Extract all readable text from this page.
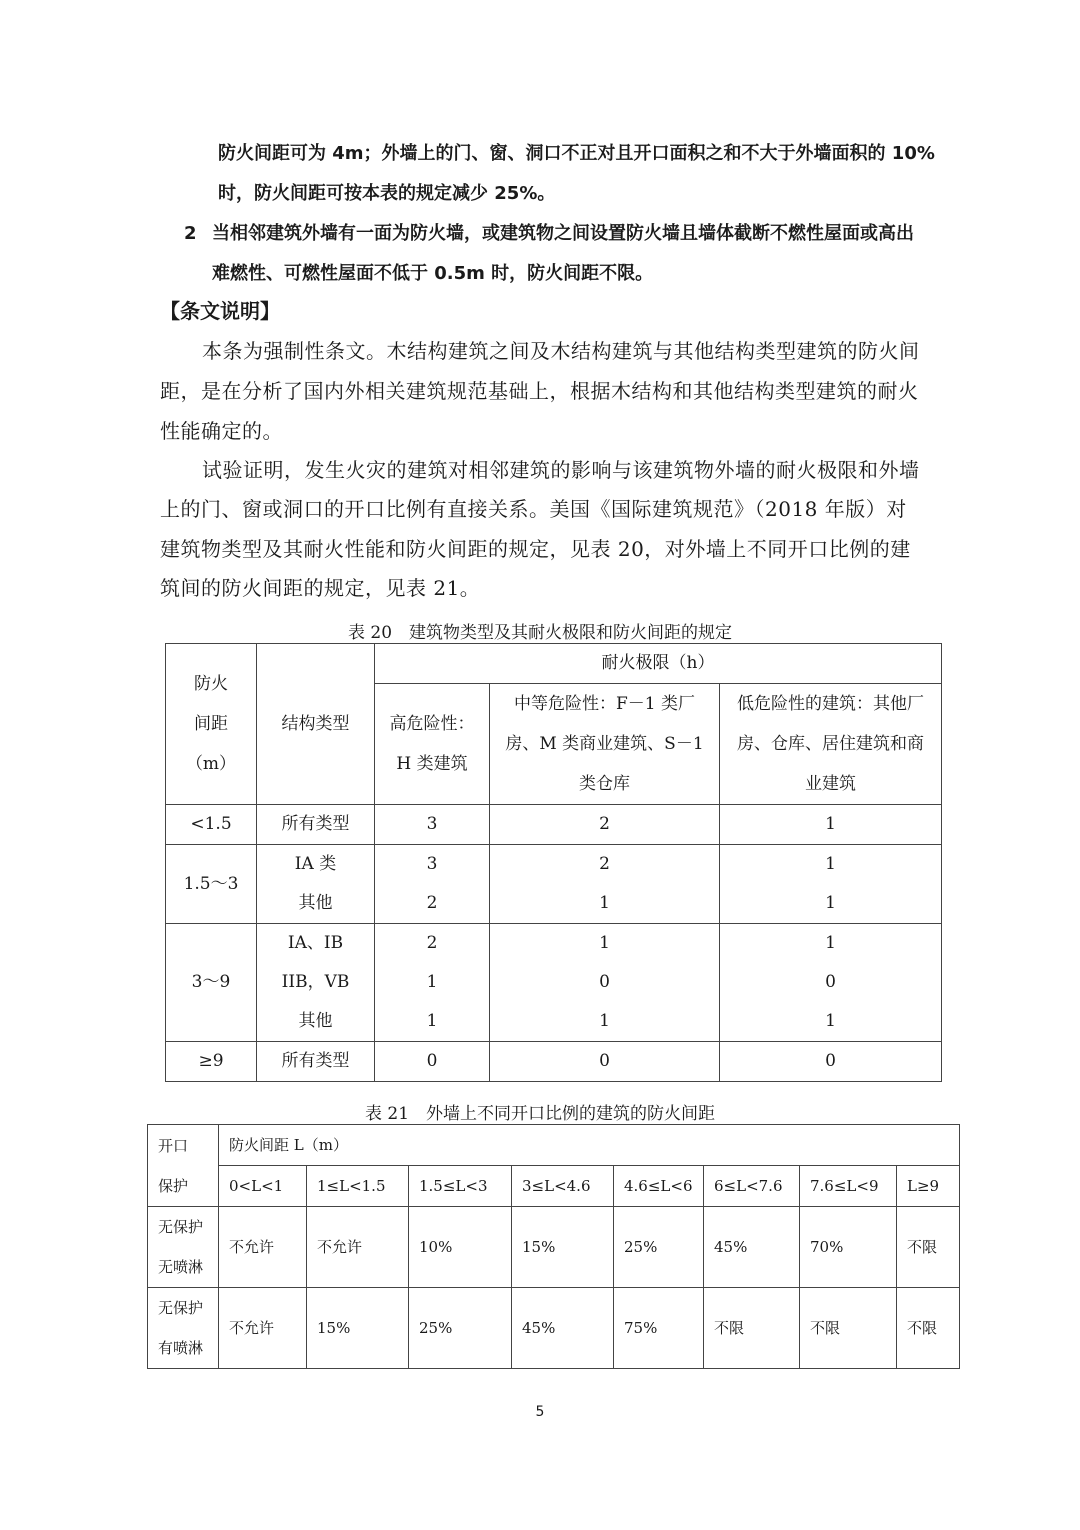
防火间距可为 4m；外墙上的门、窗、洞口不正对且开口面积之和不大于外墙面积的 10%
时，防火间距可按本表的规定减少 25%。
2 当相邻建筑外墙有一面为防火墙，或建筑物之间设置防火墙且墙体截断不燃性屋面或高出
难燃性、可燃性屋面不低于 0.5m 时，防火间距不限。
【条文说明】
本条为强制性条文。木结构建筑之间及木结构建筑与其他结构类型建筑的防火间
距，是在分析了国内外相关建筑规范基础上，根据木结构和其他结构类型建筑的耐火
性能确定的。
试验证明，发生火灾的建筑对相邻建筑的影响与该建筑物外墙的耐火极限和外墙
上的门、窗或洞口的开口比例有直接关系。美国《国际建筑规范》（2018 年版）对
建筑物类型及其耐火性能和防火间距的规定，见表 20，对外墙上不同开口比例的建
筑间的防火间距的规定，见表 21。
表 20　建筑物类型及其耐火极限和防火间距的规定
防火
间距
（m）	结构类型	耐火极限（h）		

		高危险性：
H 类建筑	中等危险性：F－1 类厂
房、M 类商业建筑、S－1
类仓库	低危险性的建筑：其他厂
房、仓库、居住建筑和商
业建筑

<1.5	所有类型	3	2	1
1.5～3	IA 类	3	2	1
	其他	2	1	1
3～9	IA、IB	2	1	1
	IIB，VB	1	0	0
	其他	1	1	1
≥9	所有类型	0	0	0
表 21　外墙上不同开口比例的建筑的防火间距
开口
保护	防火间距 L（m）							
	0<L<1	1≤L<1.5	1.5≤L<3	3≤L<4.6	4.6≤L<6	6≤L<7.6	7.6≤L<9	L≥9

无保护
无喷淋	不允许	不允许	10%	15%	25%	45%	70%	不限

无保护
有喷淋	不允许	15%	25%	45%	75%	不限	不限	不限
5
